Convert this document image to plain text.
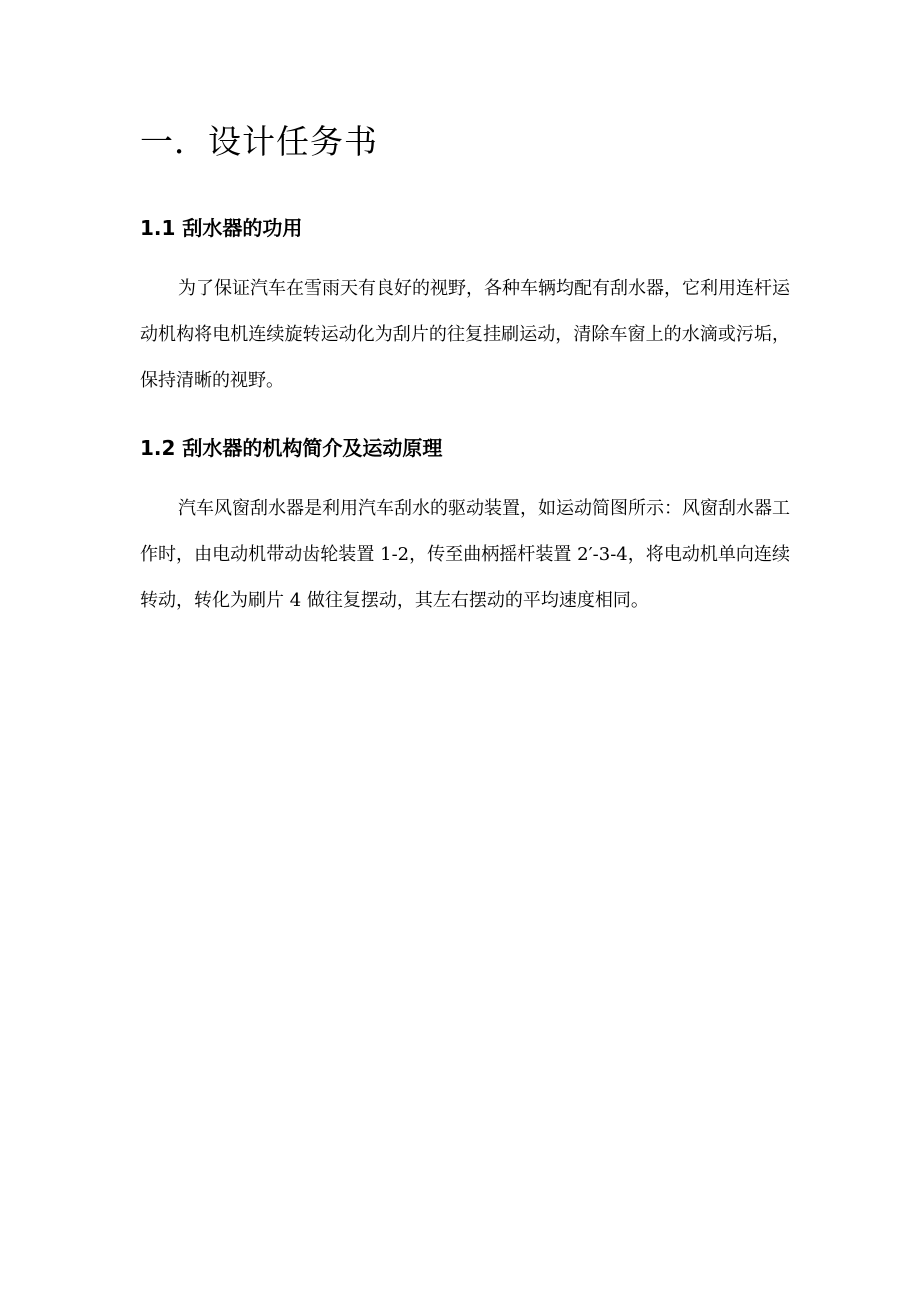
一．设计任务书
1.1 刮水器的功用

为了保证汽车在雪雨天有良好的视野，各种车辆均配有刮水器，它利用连杆运动机构将电机连续旋转运动化为刮片的往复挂刷运动，清除车窗上的水滴或污垢，保持清晰的视野。

1.2 刮水器的机构简介及运动原理

汽车风窗刮水器是利用汽车刮水的驱动装置，如运动简图所示：风窗刮水器工作时，由电动机带动齿轮装置 1-2，传至曲柄摇杆装置 2′-3-4，将电动机单向连续转动，转化为刷片 4 做往复摆动，其左右摆动的平均速度相同。
